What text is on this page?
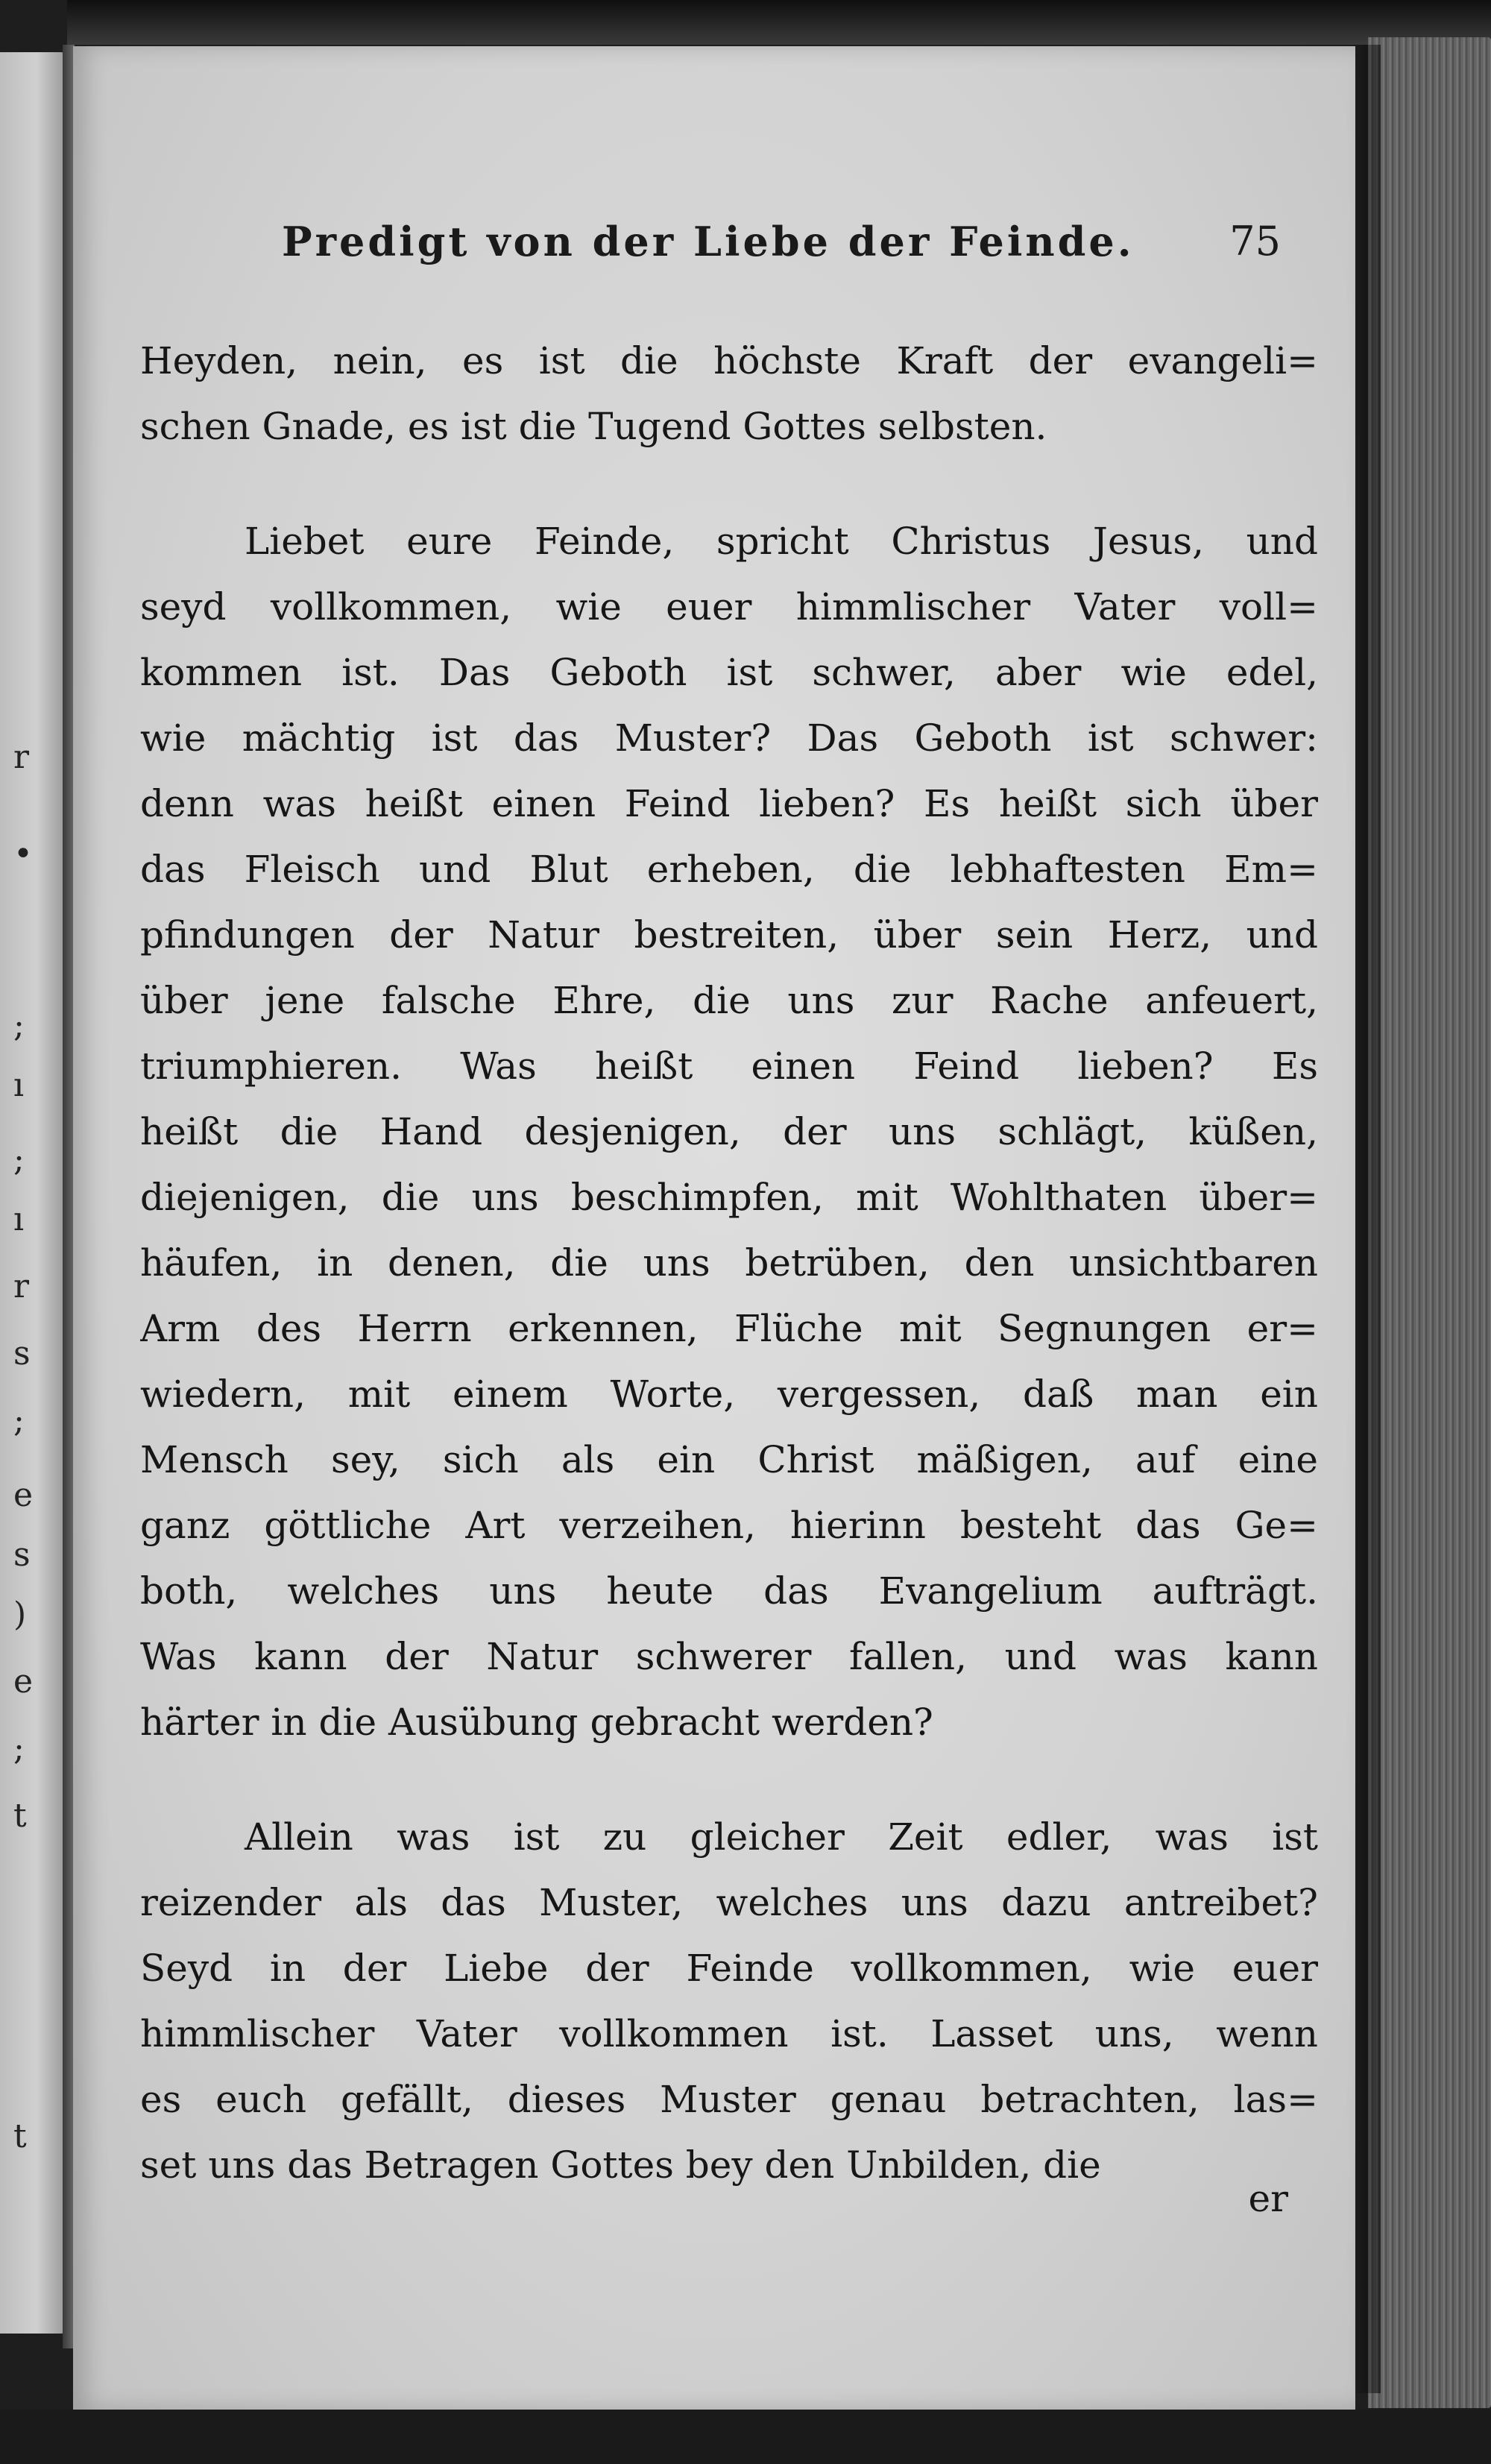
r
•
;
ı
;
ı
r
s
;
e
s
)
e
;
t
t
Predigt von der Liebe der Feinde. 75
Heyden, nein, es ist die höchste Kraft der evangeli=
schen Gnade, es ist die Tugend Gottes selbsten.
Liebet eure Feinde, spricht Christus Jesus, und
seyd vollkommen, wie euer himmlischer Vater voll=
kommen ist. Das Geboth ist schwer, aber wie edel,
wie mächtig ist das Muster? Das Geboth ist schwer:
denn was heißt einen Feind lieben? Es heißt sich über
das Fleisch und Blut erheben, die lebhaftesten Em=
pfindungen der Natur bestreiten, über sein Herz, und
über jene falsche Ehre, die uns zur Rache anfeuert,
triumphieren. Was heißt einen Feind lieben? Es
heißt die Hand desjenigen, der uns schlägt, küßen,
diejenigen, die uns beschimpfen, mit Wohlthaten über=
häufen, in denen, die uns betrüben, den unsichtbaren
Arm des Herrn erkennen, Flüche mit Segnungen er=
wiedern, mit einem Worte, vergessen, daß man ein
Mensch sey, sich als ein Christ mäßigen, auf eine
ganz göttliche Art verzeihen, hierinn besteht das Ge=
both, welches uns heute das Evangelium aufträgt.
Was kann der Natur schwerer fallen, und was kann
härter in die Ausübung gebracht werden?
Allein was ist zu gleicher Zeit edler, was ist
reizender als das Muster, welches uns dazu antreibet?
Seyd in der Liebe der Feinde vollkommen, wie euer
himmlischer Vater vollkommen ist. Lasset uns, wenn
es euch gefällt, dieses Muster genau betrachten, las=
set uns das Betragen Gottes bey den Unbilden, die
er
